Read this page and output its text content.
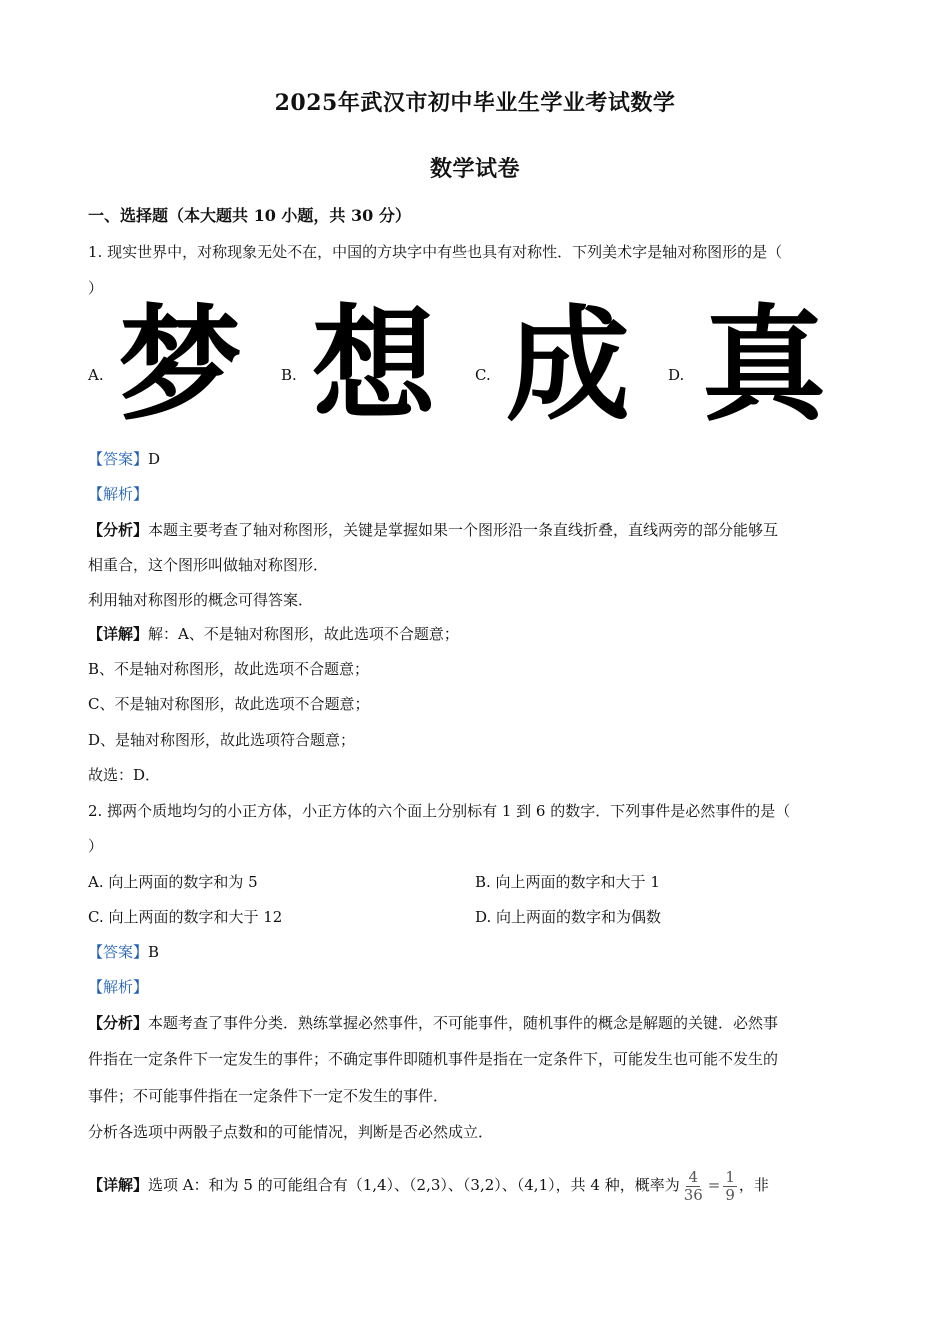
2025年武汉市初中毕业生学业考试数学
数学试卷
一、选择题（本大题共 10 小题，共 30 分）
1. 现实世界中，对称现象无处不在，中国的方块字中有些也具有对称性．下列美术字是轴对称图形的是（
）
A. 梦	B. 想	C. 成	D. 真
【答案】D
【解析】
【分析】本题主要考查了轴对称图形，关键是掌握如果一个图形沿一条直线折叠，直线两旁的部分能够互
相重合，这个图形叫做轴对称图形．
利用轴对称图形的概念可得答案．
【详解】解：A、不是轴对称图形，故此选项不合题意；
B、不是轴对称图形，故此选项不合题意；
C、不是轴对称图形，故此选项不合题意；
D、是轴对称图形，故此选项符合题意；
故选：D．
2. 掷两个质地均匀的小正方体，小正方体的六个面上分别标有 1 到 6 的数字．下列事件是必然事件的是（
）
A. 向上两面的数字和为 5	B. 向上两面的数字和大于 1
C. 向上两面的数字和大于 12	D. 向上两面的数字和为偶数
【答案】B
【解析】
【分析】本题考查了事件分类．熟练掌握必然事件，不可能事件，随机事件的概念是解题的关键．必然事
件指在一定条件下一定发生的事件；不确定事件即随机事件是指在一定条件下，可能发生也可能不发生的
事件；不可能事件指在一定条件下一定不发生的事件．
分析各选项中两骰子点数和的可能情况，判断是否必然成立．
【详解】选项 A：和为 5 的可能组合有（1,4）、（2,3）、（3,2）、（4,1），共 4 种，概率为 $\frac{4}{36} = \frac{1}{9}$ ，非
